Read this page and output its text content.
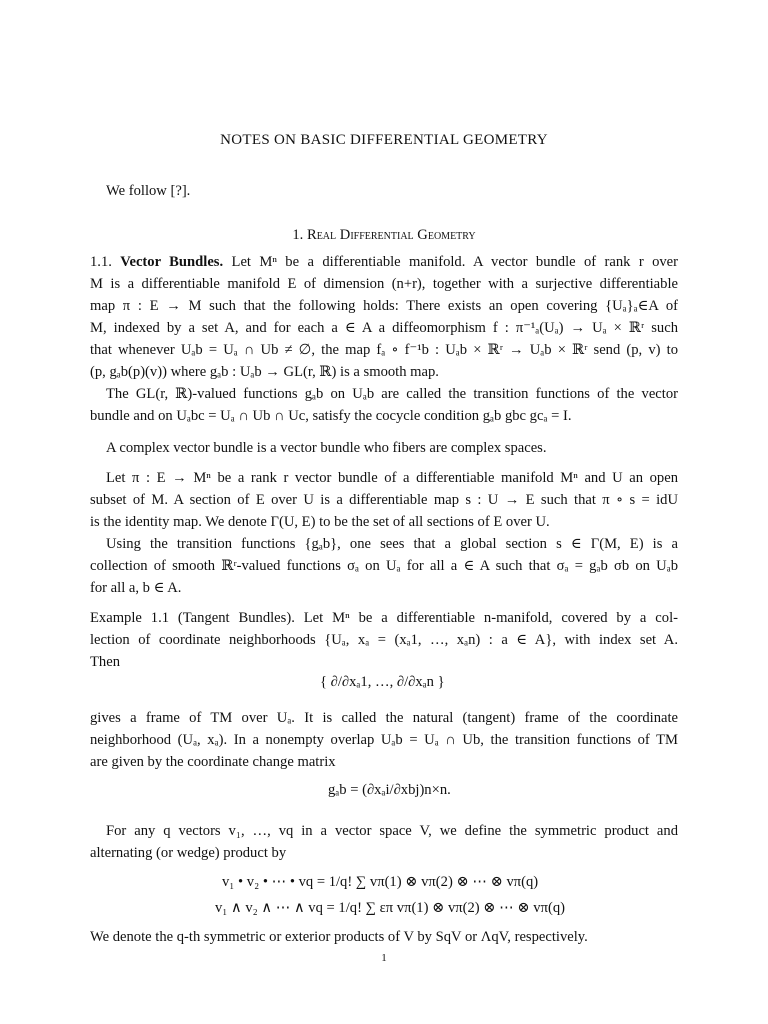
NOTES ON BASIC DIFFERENTIAL GEOMETRY
We follow [?].
1. Real Differential Geometry
1.1. Vector Bundles. Let Mⁿ be a differentiable manifold. A vector bundle of rank r over
M is a differentiable manifold E of dimension (n+r), together with a surjective differentiable
map π : E → M such that the following holds: There exists an open covering {Uₐ}ₐ∈A of
M, indexed by a set A, and for each a ∈ A a diffeomorphism f : π⁻¹ₐ(Uₐ) → Uₐ × ℝʳ such
that whenever Uₐb = Uₐ ∩ Ub ≠ ∅, the map fₐ ∘ f⁻¹b : Uₐb × ℝʳ → Uₐb × ℝʳ send (p, v) to
(p, gₐb(p)(v)) where gₐb : Uₐb → GL(r, ℝ) is a smooth map.
The GL(r, ℝ)-valued functions gₐb on Uₐb are called the transition functions of the vector
bundle and on Uₐbc = Uₐ ∩ Ub ∩ Uc, satisfy the cocycle condition gₐb gbc gcₐ = I.
A complex vector bundle is a vector bundle who fibers are complex spaces.
Let π : E → Mⁿ be a rank r vector bundle of a differentiable manifold Mⁿ and U an open
subset of M. A section of E over U is a differentiable map s : U → E such that π ∘ s = idU
is the identity map. We denote Γ(U, E) to be the set of all sections of E over U.
Using the transition functions {gₐb}, one sees that a global section s ∈ Γ(M, E) is a
collection of smooth ℝʳ-valued functions σₐ on Uₐ for all a ∈ A such that σₐ = gₐb σb on Uₐb
for all a, b ∈ A.
Example 1.1 (Tangent Bundles). Let Mⁿ be a differentiable n-manifold, covered by a col-
lection of coordinate neighborhoods {Uₐ, xₐ = (xₐ1, …, xₐn) : a ∈ A}, with index set A.
Then
{ ∂/∂xₐ1, …, ∂/∂xₐn }
gives a frame of TM over Uₐ. It is called the natural (tangent) frame of the coordinate
neighborhood (Uₐ, xₐ). In a nonempty overlap Uₐb = Uₐ ∩ Ub, the transition functions of TM
are given by the coordinate change matrix
gₐb = (∂xₐi/∂xbj)n×n.
For any q vectors v₁, …, vq in a vector space V, we define the symmetric product and
alternating (or wedge) product by
v₁ • v₂ • ⋯ • vq = 1/q! ∑ vπ(1) ⊗ vπ(2) ⊗ ⋯ ⊗ vπ(q)
v₁ ∧ v₂ ∧ ⋯ ∧ vq = 1/q! ∑ επ vπ(1) ⊗ vπ(2) ⊗ ⋯ ⊗ vπ(q)
1
We denote the q-th symmetric or exterior products of V by SqV or ΛqV, respectively.
